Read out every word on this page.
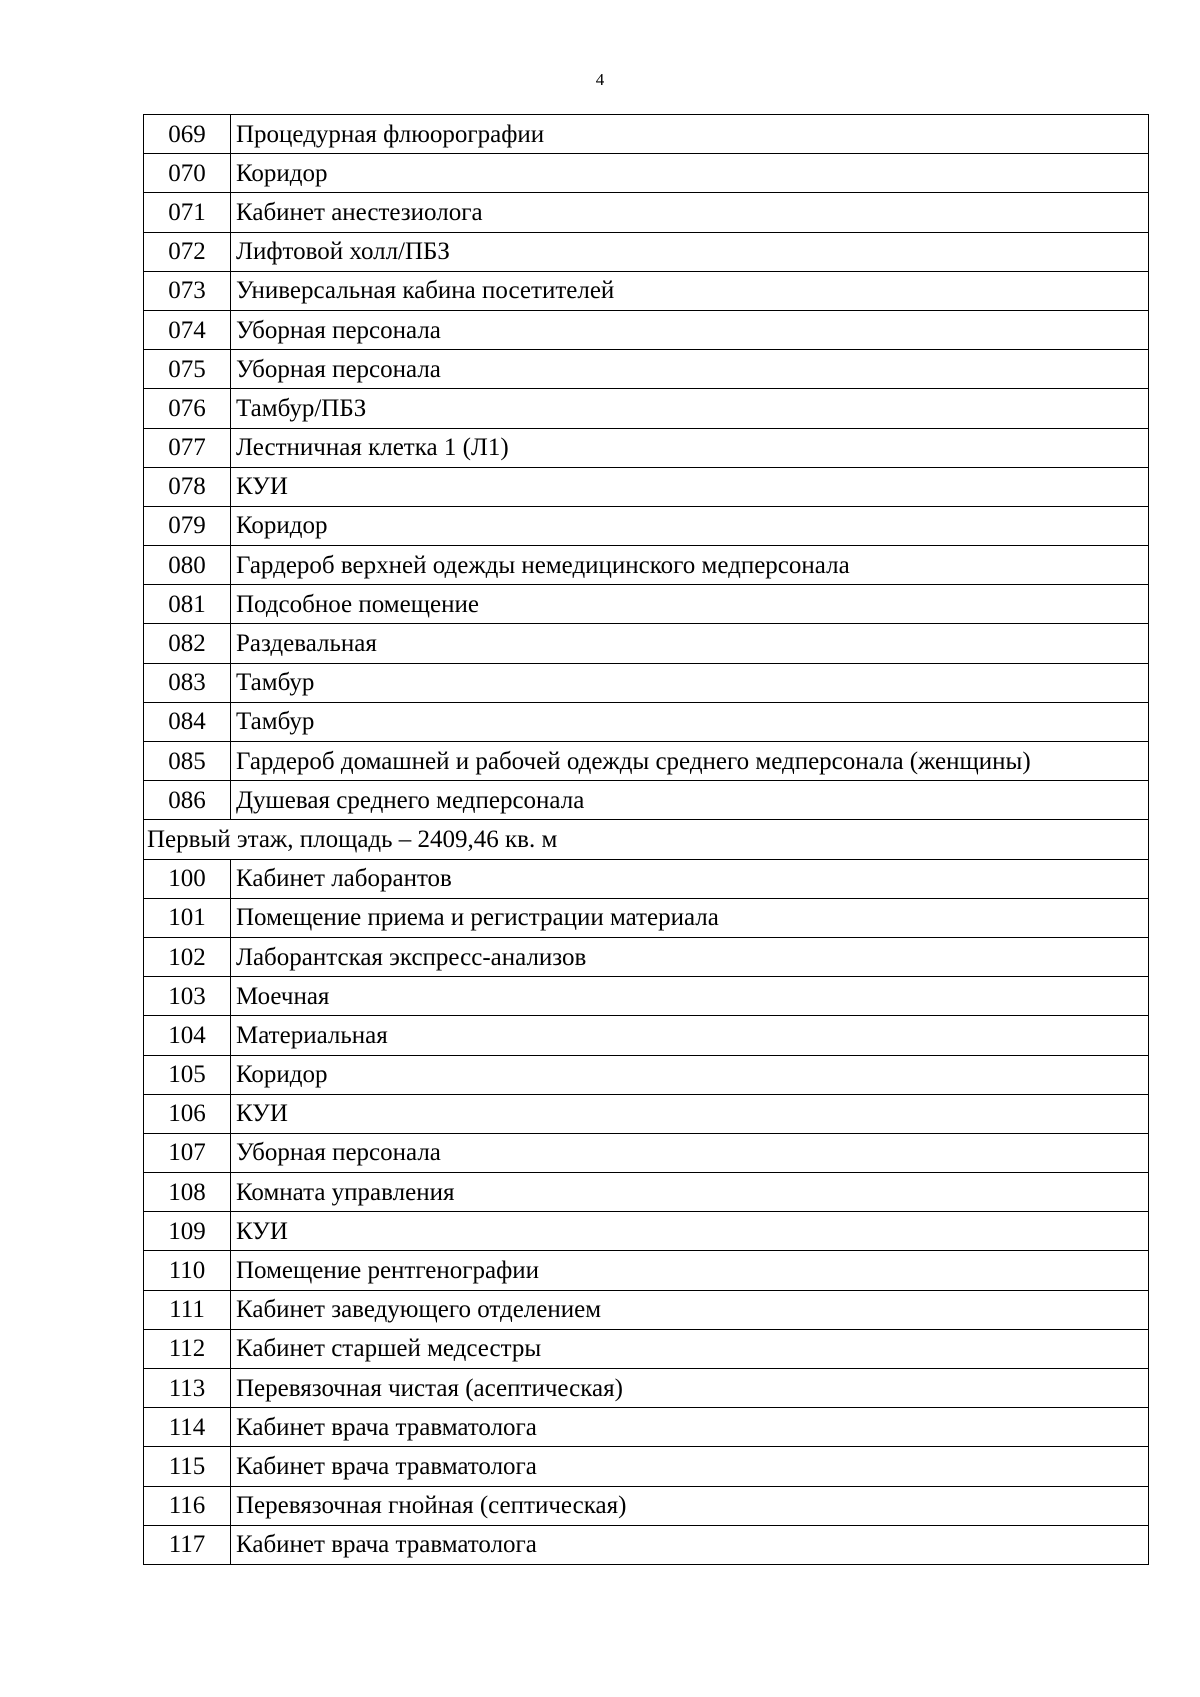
4
069	Процедурная флюорографии
070	Коридор
071	Кабинет анестезиолога
072	Лифтовой холл/ПБЗ
073	Универсальная кабина посетителей
074	Уборная персонала
075	Уборная персонала
076	Тамбур/ПБЗ
077	Лестничная клетка 1 (Л1)
078	КУИ
079	Коридор
080	Гардероб верхней одежды немедицинского медперсонала
081	Подсобное помещение
082	Раздевальная
083	Тамбур
084	Тамбур
085	Гардероб домашней и рабочей одежды среднего медперсонала (женщины)
086	Душевая среднего медперсонала
Первый этаж, площадь – 2409,46 кв. м	
100	Кабинет лаборантов
101	Помещение приема и регистрации материала
102	Лаборантская экспресс-анализов
103	Моечная
104	Материальная
105	Коридор
106	КУИ
107	Уборная персонала
108	Комната управления
109	КУИ
110	Помещение рентгенографии
111	Кабинет заведующего отделением
112	Кабинет старшей медсестры
113	Перевязочная чистая (асептическая)
114	Кабинет врача травматолога
115	Кабинет врача травматолога
116	Перевязочная гнойная (септическая)
117	Кабинет врача травматолога
